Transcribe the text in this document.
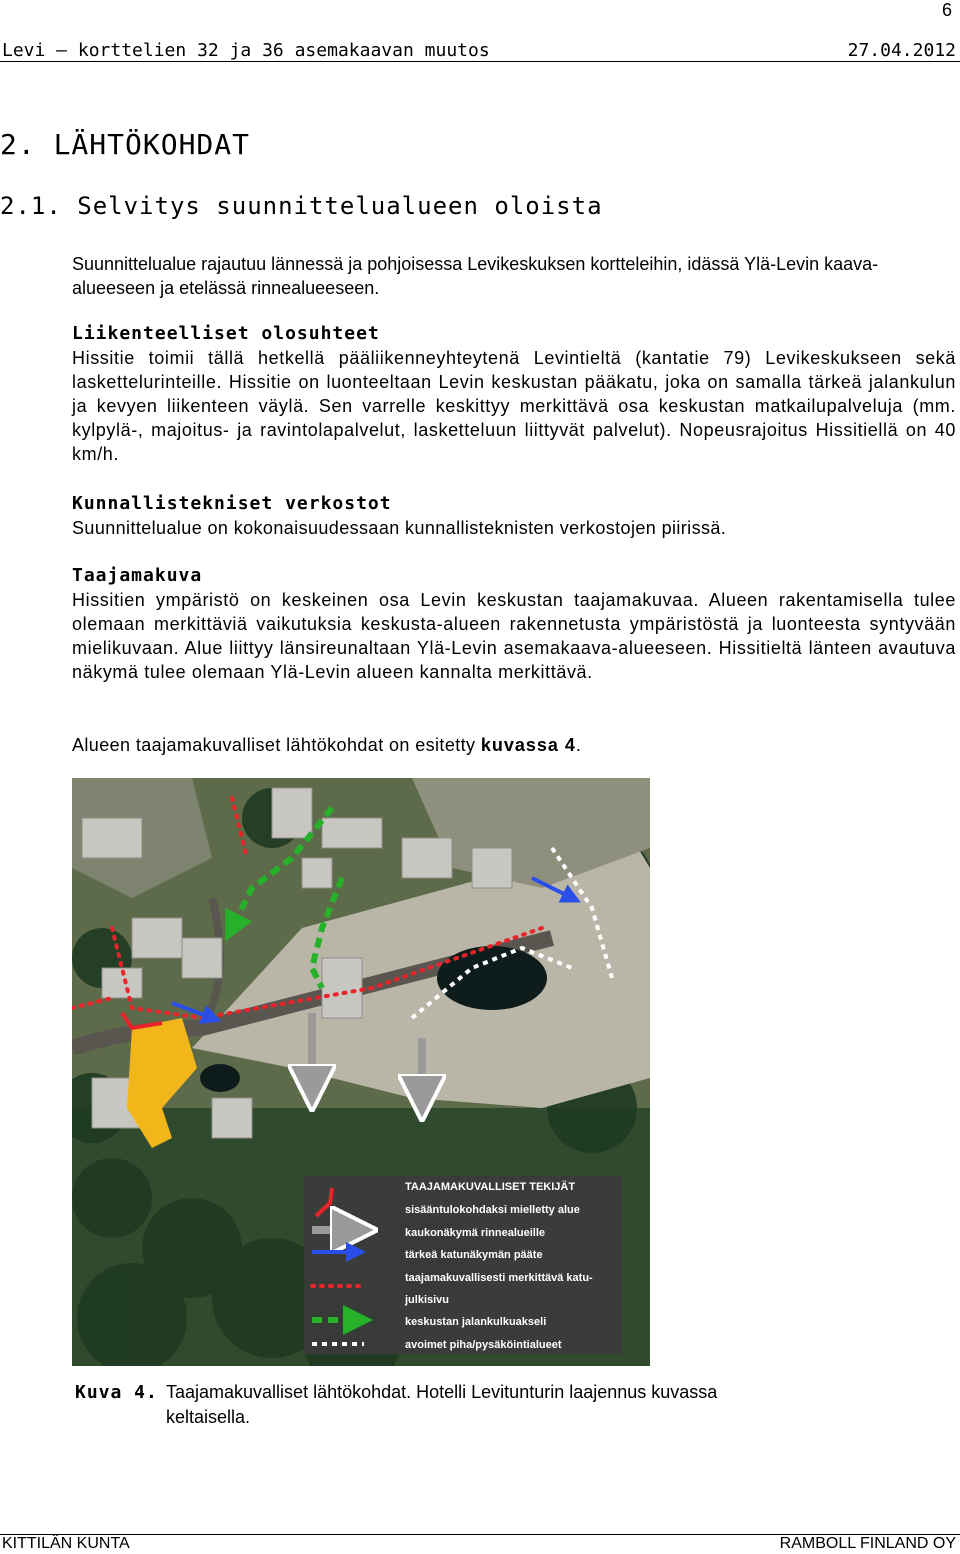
6
Levi – korttelien 32 ja 36 asemakaavan muutos	27.04.2012
2. LÄHTÖKOHDAT
2.1. Selvitys suunnittelualueen oloista
Suunnittelualue rajautuu lännessä ja pohjoisessa Levikeskuksen kortteleihin, idässä Ylä-Levin kaava-alueeseen ja etelässä rinnealueeseen.
Liikenteelliset olosuhteet
Hissitie toimii tällä hetkellä pääliikenneyhteytenä Levintieltä (kantatie 79) Levikeskukseen sekä laskettelurinteille. Hissitie on luonteeltaan Levin keskustan pääkatu, joka on samalla tärkeä jalankulun ja kevyen liikenteen väylä. Sen varrelle keskittyy merkittävä osa keskustan matkailupalveluja (mm. kylpylä-, majoitus- ja ravintolapalvelut, lasketteluun liittyvät palvelut). Nopeusrajoitus Hissitiellä on 40 km/h.
Kunnallistekniset verkostot
Suunnittelualue on kokonaisuudessaan kunnallisteknisten verkostojen piirissä.
Taajamakuva
Hissitien ympäristö on keskeinen osa Levin keskustan taajamakuvaa. Alueen rakentamisella tulee olemaan merkittäviä vaikutuksia keskusta-alueen rakennetusta ympäristöstä ja luonteesta syntyvään mielikuvaan. Alue liittyy länsireunaltaan Ylä-Levin asemakaava-alueeseen. Hissitieltä länteen avautuva näkymä tulee olemaan Ylä-Levin alueen kannalta merkittävä.
Alueen taajamakuvalliset lähtökohdat on esitetty kuvassa 4.
TAAJAMAKUVALLISET TEKIJÄT
sisääntulokohdaksi mielletty alue
kaukonäkymä rinnealueille
tärkeä katunäkymän pääte
taajamakuvallisesti merkittävä katu-
julkisivu
keskustan jalankulkuakseli
avoimet piha/pysäköintialueet
Kuva 4. Taajamakuvalliset lähtökohdat. Hotelli Levitunturin laajennus kuvassa keltaisella.
KITTILÄN KUNTA	RAMBOLL FINLAND OY
